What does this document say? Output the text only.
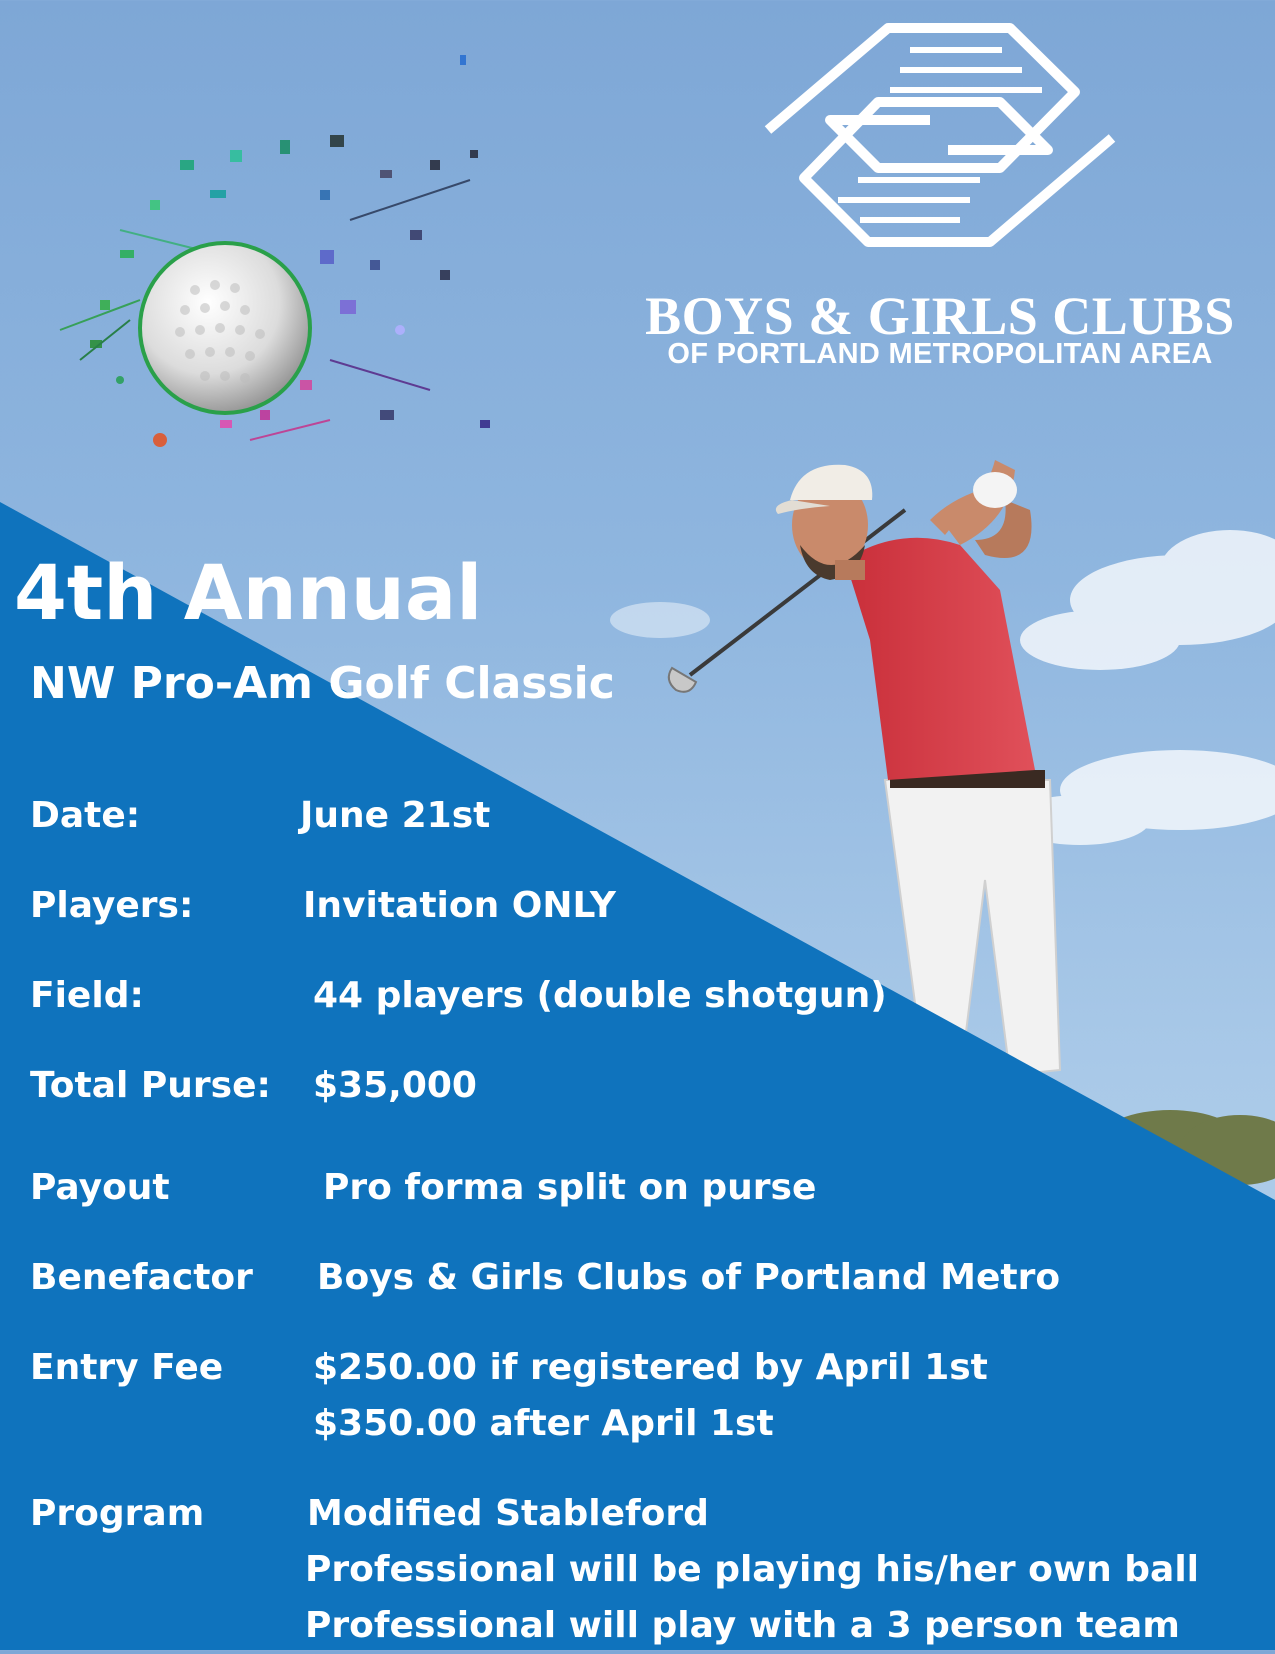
BOYS & GIRLS CLUBS
OF PORTLAND METROPOLITAN AREA
4th Annual
NW Pro-Am Golf Classic
Date:	June 21st
Players:	Invitation ONLY
Field:	44 players (double shotgun)
Total Purse: $35,000
Payout	Pro forma split on purse
Benefactor Boys & Girls Clubs of Portland Metro
Entry Fee $250.00 if registered by April 1st
$350.00 after April 1st
Program	Modified Stableford
Professional will be playing his/her own ball
Professional will play with a 3 person team
